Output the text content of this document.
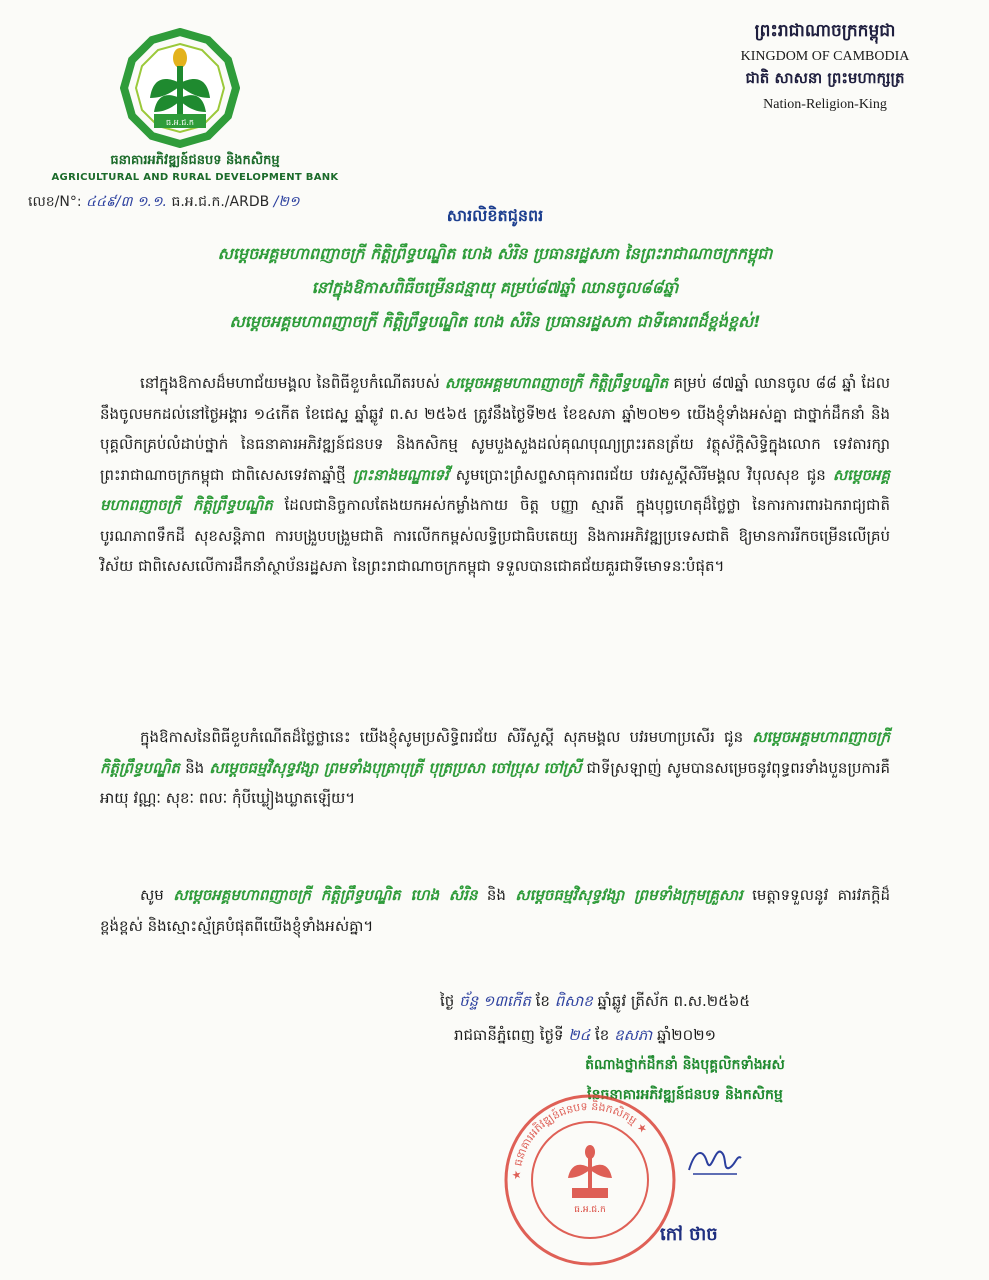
ធ.អ.ជ.ក
ធនាគារអភិវឌ្ឍន៍ជនបទ និងកសិកម្ម
AGRICULTURAL AND RURAL DEVELOPMENT BANK
លេខ/N°: ៤៤៩/៣ ១.១. ធ.អ.ជ.ក./ARDB /២១
ព្រះរាជាណាចក្រកម្ពុជា
KINGDOM OF CAMBODIA
ជាតិ សាសនា ព្រះមហាក្សត្រ
Nation-Religion-King
សារលិខិតជូនពរ
សម្តេចអគ្គមហាពញាចក្រី កិត្តិព្រឹទ្ធបណ្ឌិត ហេង សំរិន ប្រធានរដ្ឋសភា នៃព្រះរាជាណាចក្រកម្ពុជា
នៅក្នុងឱកាសពិធីចម្រើនជន្មាយុ គម្រប់៨៧ឆ្នាំ ឈានចូល៨៨ឆ្នាំ
សម្តេចអគ្គមហាពញាចក្រី កិត្តិព្រឹទ្ធបណ្ឌិត ហេង សំរិន ប្រធានរដ្ឋសភា ជាទីគោរពដ៏ខ្ពង់ខ្ពស់!
នៅក្នុងឱកាសដ៏មហាជ័យមង្គល នៃពិធីខួបកំណើតរបស់ សម្តេចអគ្គមហាពញាចក្រី កិត្តិព្រឹទ្ធបណ្ឌិត គម្រប់ ៨៧ឆ្នាំ ឈានចូល ៨៨ ឆ្នាំ ដែលនឹងចូលមកដល់នៅថ្ងៃអង្គារ ១៤កើត ខែជេស្ឋ ឆ្នាំឆ្លូវ ព.ស ២៥៦៥ ត្រូវនឹងថ្ងៃទី២៥ ខែឧសភា ឆ្នាំ២០២១ យើងខ្ញុំទាំងអស់គ្នា ជាថ្នាក់ដឹកនាំ និងបុគ្គលិកគ្រប់លំដាប់ថ្នាក់ នៃធនាគារអភិវឌ្ឍន៍ជនបទ និងកសិកម្ម សូមបួងសួងដល់គុណបុណ្យព្រះរតនត្រ័យ វត្ថុស័ក្តិសិទ្ធិក្នុងលោក ទេវតារក្សាព្រះរាជាណាចក្រកម្ពុជា ជាពិសេសទេវតាឆ្នាំថ្មី ព្រះនាងមណ្ឌាទេវី សូមប្រោះព្រំសព្ទសាធុការពរជ័យ បវរសួស្តីសិរីមង្គល វិបុលសុខ ជូន សម្តេចអគ្គមហាពញាចក្រី កិត្តិព្រឹទ្ធបណ្ឌិត ដែលជានិច្ចកាលតែងយកអស់កម្លាំងកាយ ចិត្ត បញ្ញា ស្មារតី ក្នុងបុព្វហេតុដ៏ថ្លៃថ្លា នៃការការពារឯករាជ្យជាតិ បូរណភាពទឹកដី សុខសន្តិភាព ការបង្រួបបង្រួមជាតិ ការលើកកម្ពស់លទ្ធិប្រជាធិបតេយ្យ និងការអភិវឌ្ឍប្រទេសជាតិ ឱ្យមានការរីកចម្រើនលើគ្រប់វិស័យ ជាពិសេសលើការដឹកនាំស្ថាប័នរដ្ឋសភា នៃព្រះរាជាណាចក្រកម្ពុជា ទទួលបានជោគជ័យគួរជាទីមោទនៈបំផុត។
ក្នុងឱកាសនៃពិធីខួបកំណើតដ៏ថ្លៃថ្លានេះ យើងខ្ញុំសូមប្រសិទ្ធិពរជ័យ សិរីសួស្តី សុភមង្គល បវរមហាប្រសើរ ជូន សម្តេចអគ្គមហាពញាចក្រី កិត្តិព្រឹទ្ធបណ្ឌិត និង សម្តេចធម្មវិសុទ្ធវង្សា ព្រមទាំងបុត្រាបុត្រី បុត្រប្រសា ចៅប្រុស ចៅស្រី ជាទីស្រឡាញ់ សូមបានសម្រេចនូវពុទ្ធពរទាំងបួនប្រការគឺ អាយុ វណ្ណៈ សុខៈ ពលៈ កុំបីឃ្លៀងឃ្លាតឡើយ។
សូម សម្តេចអគ្គមហាពញាចក្រី កិត្តិព្រឹទ្ធបណ្ឌិត ហេង សំរិន និង សម្តេចធម្មវិសុទ្ធវង្សា ព្រមទាំងក្រុមគ្រួសារ មេត្តាទទួលនូវ គារវភក្តិដ៏ខ្ពង់ខ្ពស់ និងស្មោះស្ម័គ្របំផុតពីយើងខ្ញុំទាំងអស់គ្នា។
ថ្ងៃ ច័ន្ទ ១៣កើត ខែ ពិសាខ ឆ្នាំឆ្លូវ ត្រីស័ក ព.ស.២៥៦៥
រាជធានីភ្នំពេញ ថ្ងៃទី ២៤ ខែ ឧសភា ឆ្នាំ២០២១
តំណាងថ្នាក់ដឹកនាំ និងបុគ្គលិកទាំងអស់
នៃធនាគារអភិវឌ្ឍន៍ជនបទ និងកសិកម្ម
★ ធនាគារអភិវឌ្ឍន៍ជនបទ និងកសិកម្ម ★
ធ.អ.ជ.ក
កៅ ថាច
